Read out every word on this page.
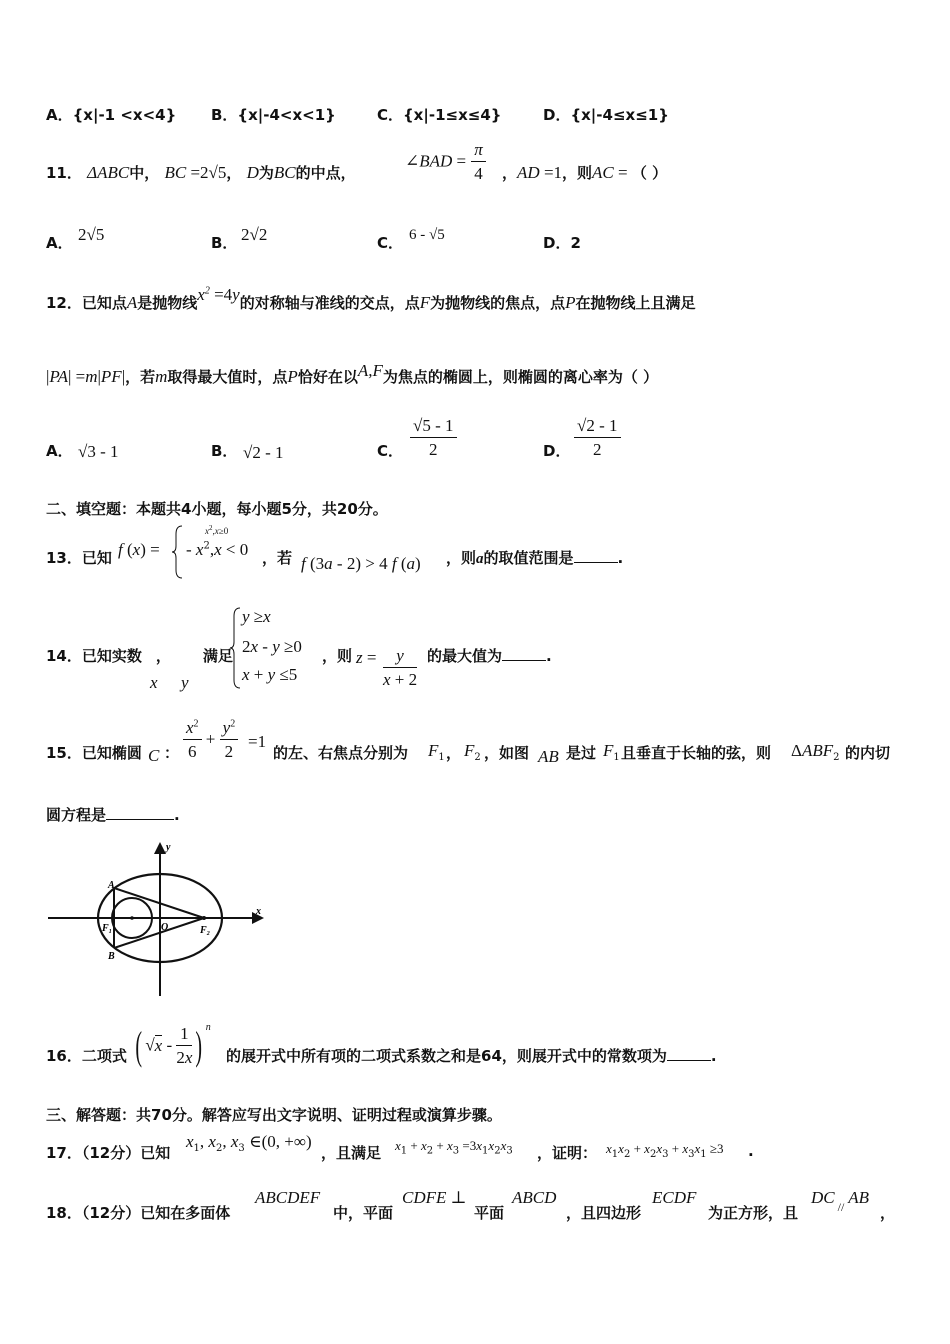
A．{x|-1 <x<4} B．{x|-4<x<1}	C．{x|-1≤x≤4}	D．{x|-4≤x≤1}
11． ΔABC中， BC =2√5， D为BC的中点，
∠BAD = $\frac{\pi}{4}$ ，AD =1，则AC = （ ）
A． 2√5	B． 2√2	C． 6 - √5	D．2
12．已知点A是抛物线$x^2 =4y$的对称轴与准线的交点，点F为抛物线的焦点，点P在抛物线上且满足
|PA| =m|PF|，若m取得最大值时，点P恰好在以A,F为焦点的椭圆上，则椭圆的离心率为（ ）
A． √3 - 1	B． √2 - 1	C． $\frac{√5 - 1}{2}$	D． $\frac{√2 - 1}{2}$
二、填空题：本题共4小题，每小题5分，共20分。
13．已知 f (x) =
$x^2,x\ge 0$
- $x^2,x < 0$ ，若 f (3a - 2) > 4 f (a) ，则a的取值范围是	.
14．已知实数 ， 满足
x y
y ≥x
2x - y ≥0
x + y ≤5
，则 $z = \frac{y}{x + 2}$ 的最大值为	.
15．已知椭圆 C ： $\frac{x^2}{6} + \frac{y^2}{2} =1$
的左、右焦点分别为 $F_1$ ， $F_2$ ，如图 AB 是过 $F_1$ 且垂直于长轴的弦，则 $\Delta ABF_2$ 的内切
圆方程是	.
y
x
A
B
F₁	F₂
O
16．二项式 ( $√x - \frac{1}{2x}$ ) $^n$
的展开式中所有项的二项式系数之和是64，则展开式中的常数项为	.
三、解答题：共70分。解答应写出文字说明、证明过程或演算步骤。
17．（12分）已知
$x_1$, $x_2$, $x_3$ ∈(0, +∞)
，且满足 $x_1 + x_2 + x_3 =3x_1x_2x_3$ ，证明： $x_1x_2 + x_2x_3 + x_3x_1 \ge 3$ .
18．（12分）已知在多面体
ABCDEF
中，平面
CDFE ⊥
平面
ABCD
，且四边形
ECDF
为正方形，且
DC $_{//}$ AB
，
